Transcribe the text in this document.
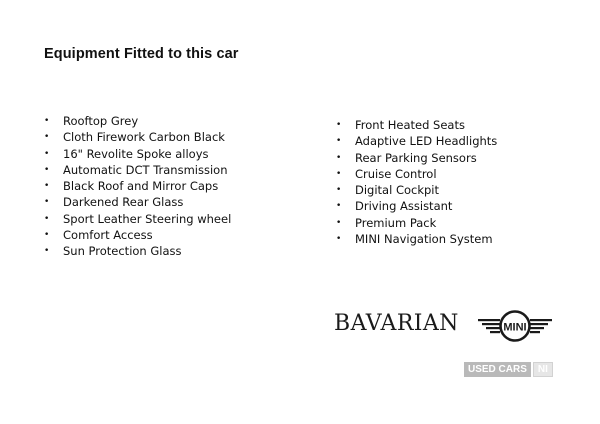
Equipment Fitted to this car
• Rooftop Grey
• Cloth Firework Carbon Black
• 16" Revolite Spoke alloys
• Automatic DCT Transmission
• Black Roof and Mirror Caps
• Darkened Rear Glass
• Sport Leather Steering wheel
• Comfort Access
• Sun Protection Glass
• Front Heated Seats
• Adaptive LED Headlights
• Rear Parking Sensors
• Cruise Control
• Digital Cockpit
• Driving Assistant
• Premium Pack
• MINI Navigation System
BAVARIAN	MINI
USED CARS	NI
